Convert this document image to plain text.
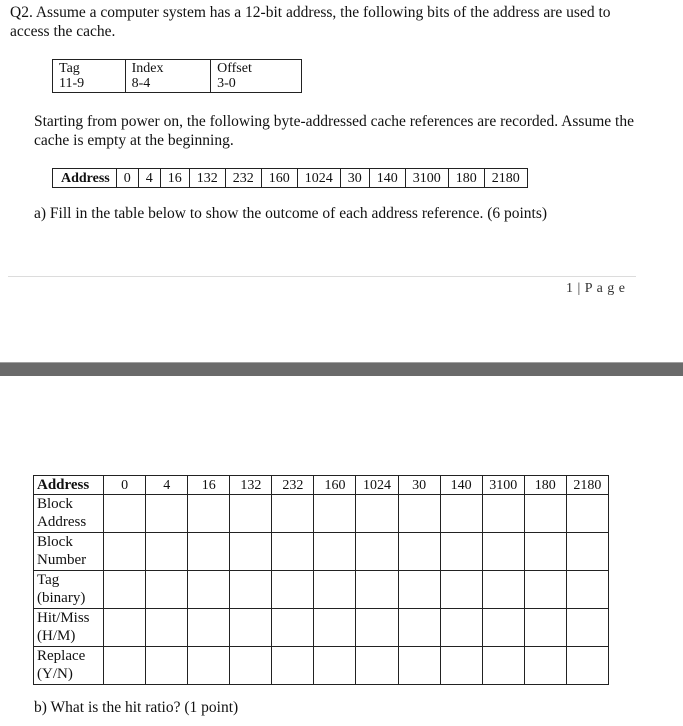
Q2. Assume a computer system has a 12-bit address, the following bits of the address are used to access the cache.
Tag
11-9

Index
8-4

Offset
3-0
Starting from power on, the following byte-addressed cache references are recorded. Assume the cache is empty at the beginning.
Address	0	4	16	132	232	160	1024	30	140	3100	180	2180
a) Fill in the table below to show the outcome of each address reference. (6 points)
1 | P a g e
Address	0	4	16	132	232	160	1024	30	140	3100	180	2180
Block Address												
Block Number												
Tag (binary)												
Hit/Miss (H/M)												
Replace (Y/N)												
b) What is the hit ratio? (1 point)
